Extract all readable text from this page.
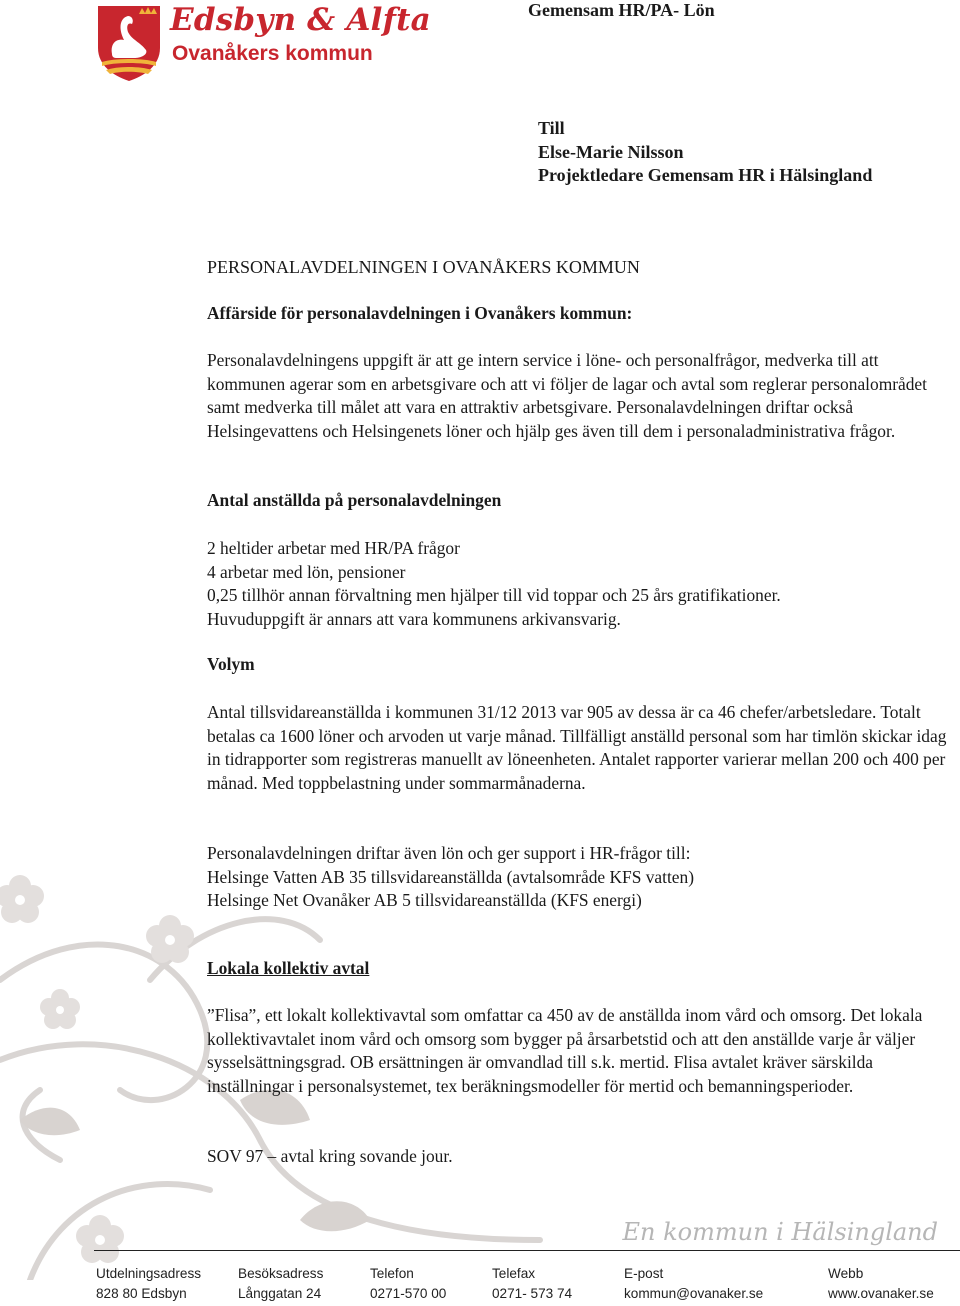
Edsbyn & Alfta
Ovanåkers kommun
Gemensam HR/PA- Lön
Till
Else-Marie Nilsson
Projektledare Gemensam HR i Hälsingland
PERSONALAVDELNINGEN I OVANÅKERS KOMMUN
Affärside för personalavdelningen i Ovanåkers kommun:
Personalavdelningens uppgift är att ge intern service i löne- och personalfrågor, medverka till att kommunen agerar som en arbetsgivare och att vi följer de lagar och avtal som reglerar personalområdet samt medverka till målet att vara en attraktiv arbetsgivare. Personalavdelningen driftar också Helsingevattens och Helsingenets löner och hjälp ges även till dem i personaladministrativa frågor.
Antal anställda på personalavdelningen
2 heltider arbetar med HR/PA frågor
4 arbetar med lön, pensioner
0,25 tillhör annan förvaltning men hjälper till vid toppar och 25 års gratifikationer.
Huvuduppgift är annars att vara kommunens arkivansvarig.
Volym
Antal tillsvidareanställda i kommunen 31/12 2013 var 905 av dessa är ca 46 chefer/arbetsledare. Totalt betalas ca 1600 löner och arvoden ut varje månad. Tillfälligt anställd personal som har timlön skickar idag in tidrapporter som registreras manuellt av löneenheten. Antalet rapporter varierar mellan 200 och 400 per månad. Med toppbelastning under sommarmånaderna.
Personalavdelningen driftar även lön och ger support i HR-frågor till:
Helsinge Vatten AB 35 tillsvidareanställda (avtalsområde KFS vatten)
Helsinge Net Ovanåker AB 5 tillsvidareanställda (KFS energi)
Lokala kollektiv avtal
”Flisa”, ett lokalt kollektivavtal som omfattar ca 450 av de anställda inom vård och omsorg. Det lokala kollektivavtalet inom vård och omsorg som bygger på årsarbetstid och att den anställde varje år väljer sysselsättningsgrad. OB ersättningen är omvandlad till s.k. mertid. Flisa avtalet kräver särskilda inställningar i personalsystemet, tex beräkningsmodeller för mertid och bemanningsperioder.
SOV 97 – avtal kring sovande jour.
En kommun i Hälsingland
Utdelningsadress
828 80 Edsbyn
Besöksadress
Långgatan 24
Telefon
0271-570 00
Telefax
0271- 573 74
E-post
kommun@ovanaker.se
Webb
www.ovanaker.se
